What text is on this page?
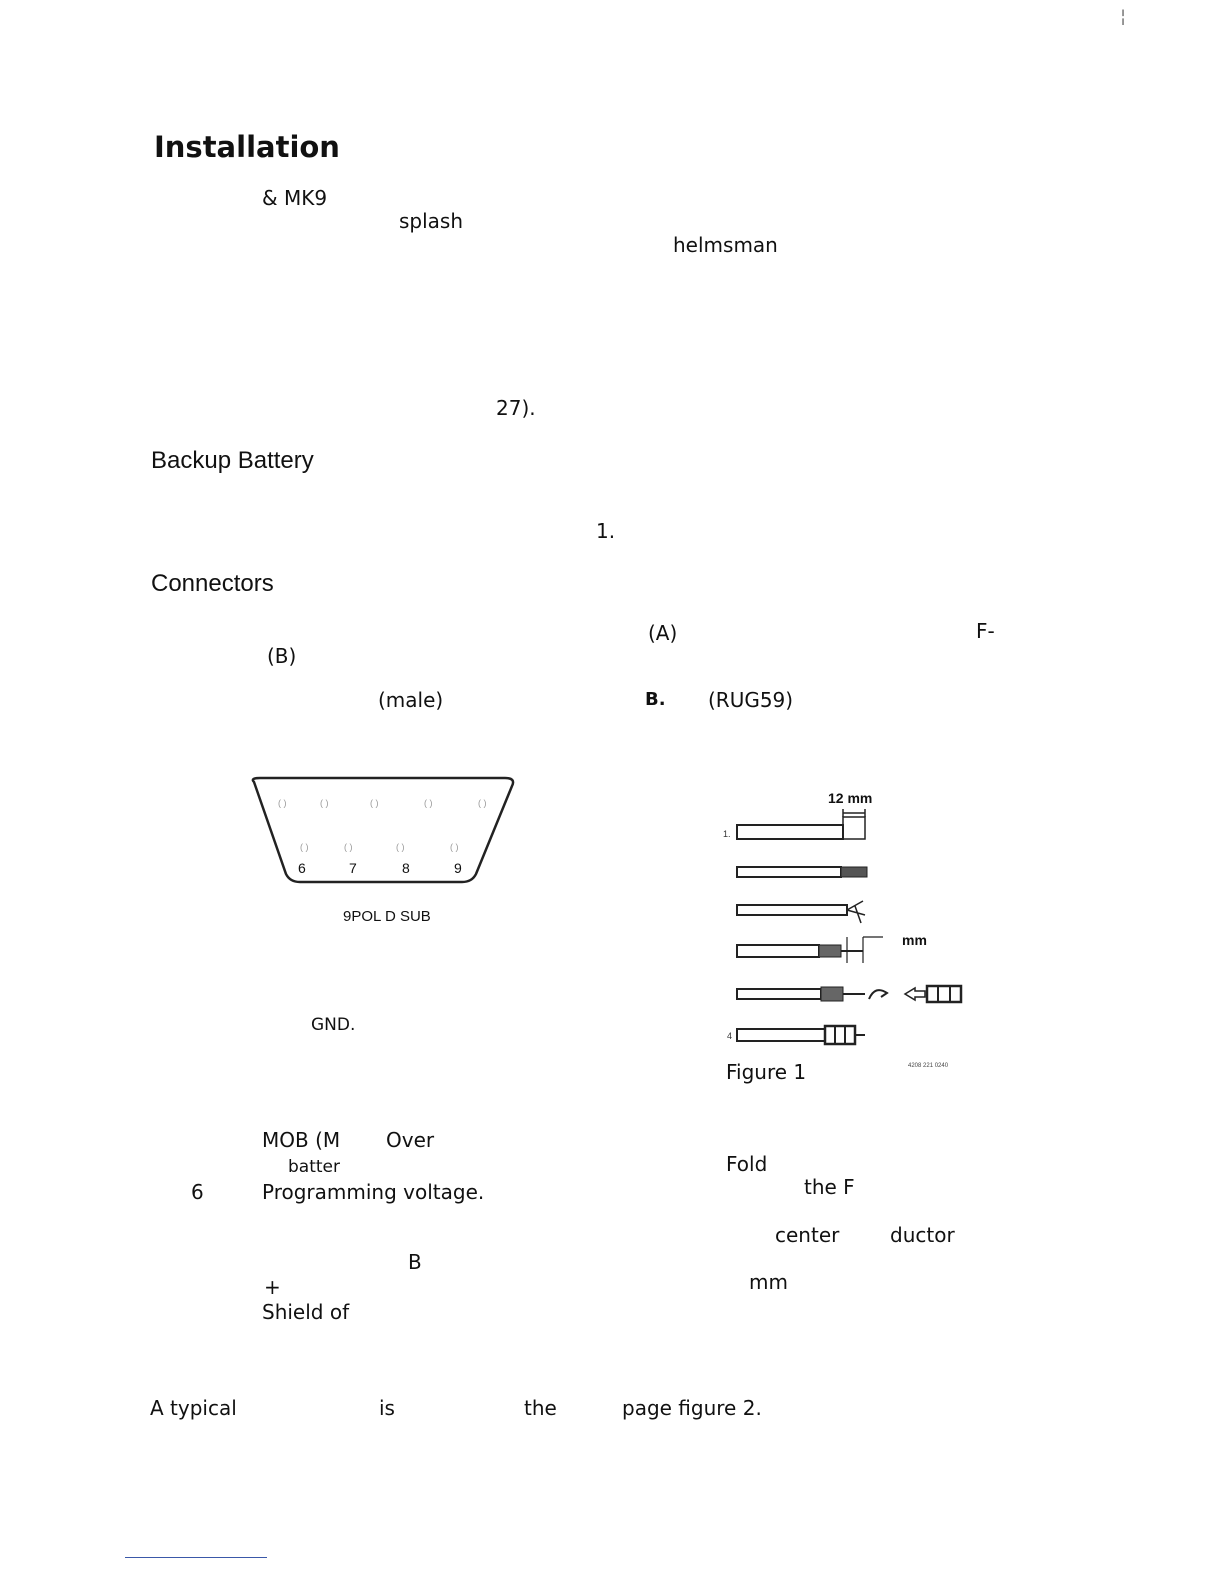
¦
Installation
& MK9
splash
helmsman
27).
Backup Battery
1.
Connectors
(A)	F-
(B)
(male)	B. (RUG59)
( )	( )	( )	( )	( )
( )	( )	( )	( )
6	7	8	9
9POL D SUB
GND.
MOB (M Over
batter
6	Programming voltage.
B
+
Shield of
12 mm
1.
mm
4
Figure 1	4208 221 0240
Fold
the F
center	ductor
mm
A typical	is	the	page figure 2.
